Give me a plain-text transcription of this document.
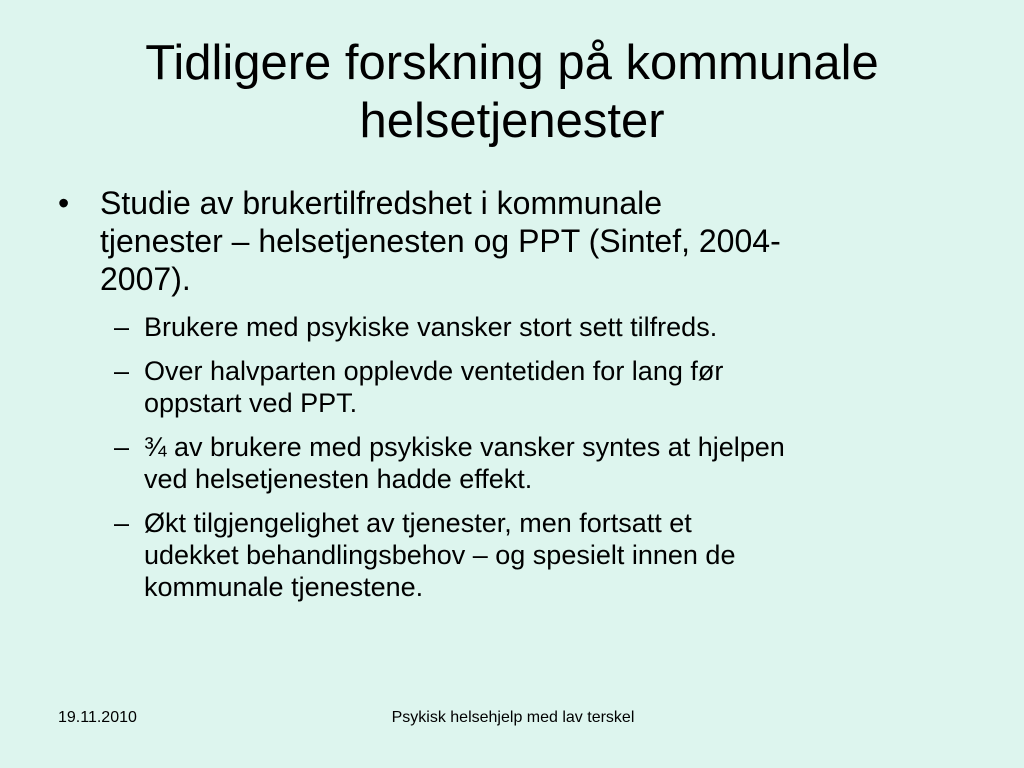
Tidligere forskning på kommunale
helsetjenester
• Studie av brukertilfredshet i kommunale
tjenester – helsetjenesten og PPT (Sintef, 2004-
2007).
– Brukere med psykiske vansker stort sett tilfreds.
– Over halvparten opplevde ventetiden for lang før
oppstart ved PPT.
– ¾ av brukere med psykiske vansker syntes at hjelpen
ved helsetjenesten hadde effekt.
– Økt tilgjengelighet av tjenester, men fortsatt et
udekket behandlingsbehov – og spesielt innen de
kommunale tjenestene.
19.11.2010	Psykisk helsehjelp med lav terskel
